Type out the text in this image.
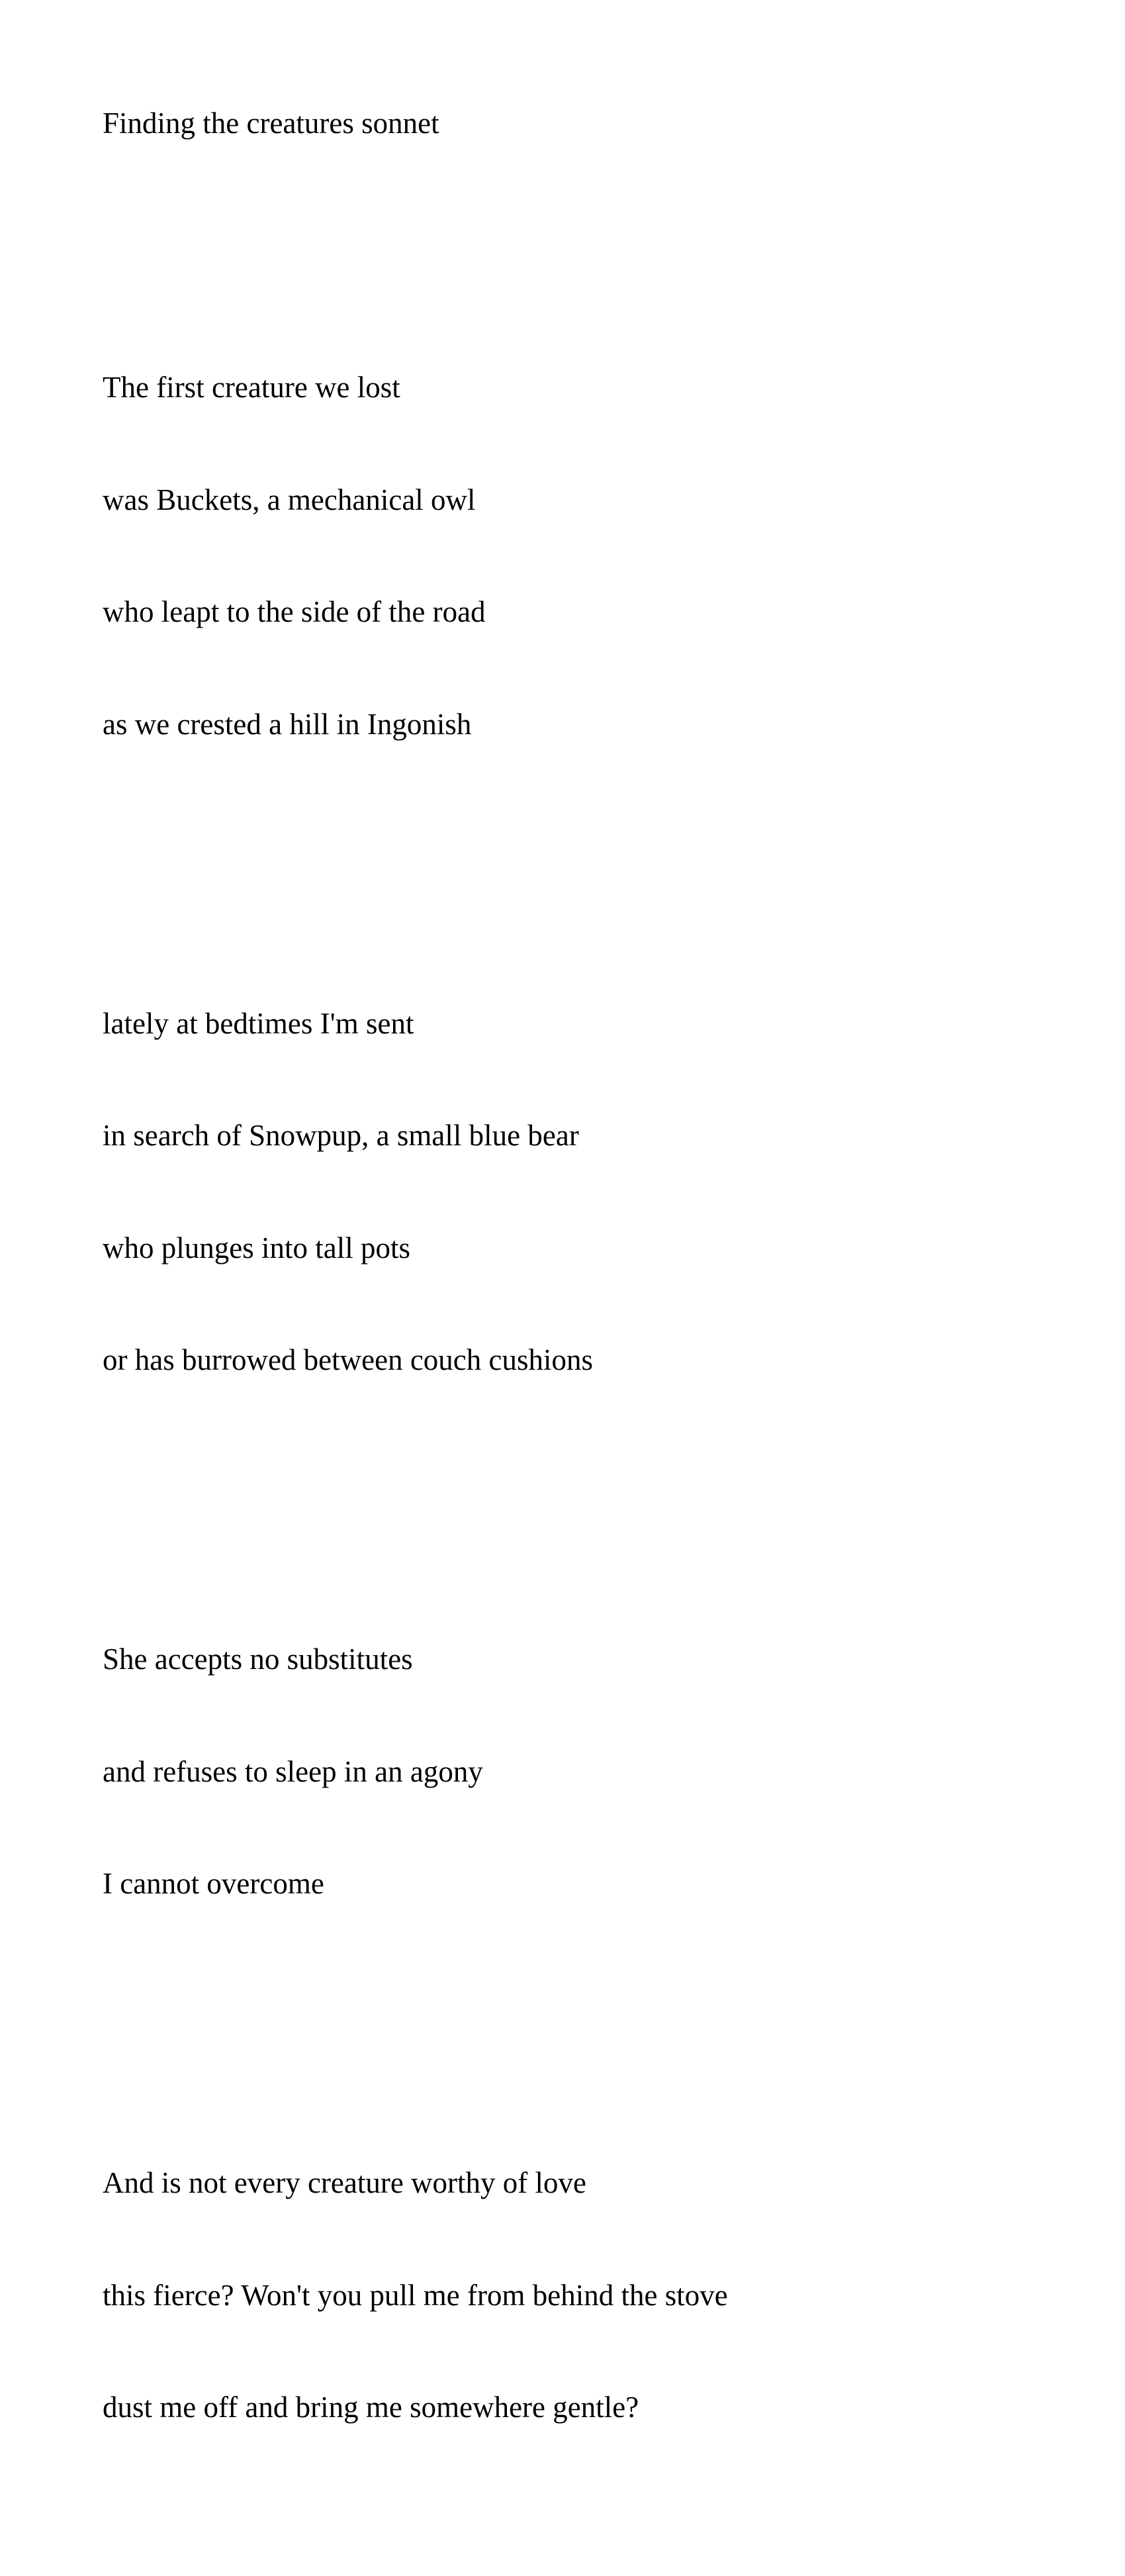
Finding the creatures sonnet

The first creature we lost

was Buckets, a mechanical owl

who leapt to the side of the road

as we crested a hill in Ingonish

lately at bedtimes I'm sent

in search of Snowpup, a small blue bear

who plunges into tall pots

or has burrowed between couch cushions

She accepts no substitutes

and refuses to sleep in an agony

I cannot overcome

And is not every creature worthy of love

this fierce? Won't you pull me from behind the stove

dust me off and bring me somewhere gentle?
